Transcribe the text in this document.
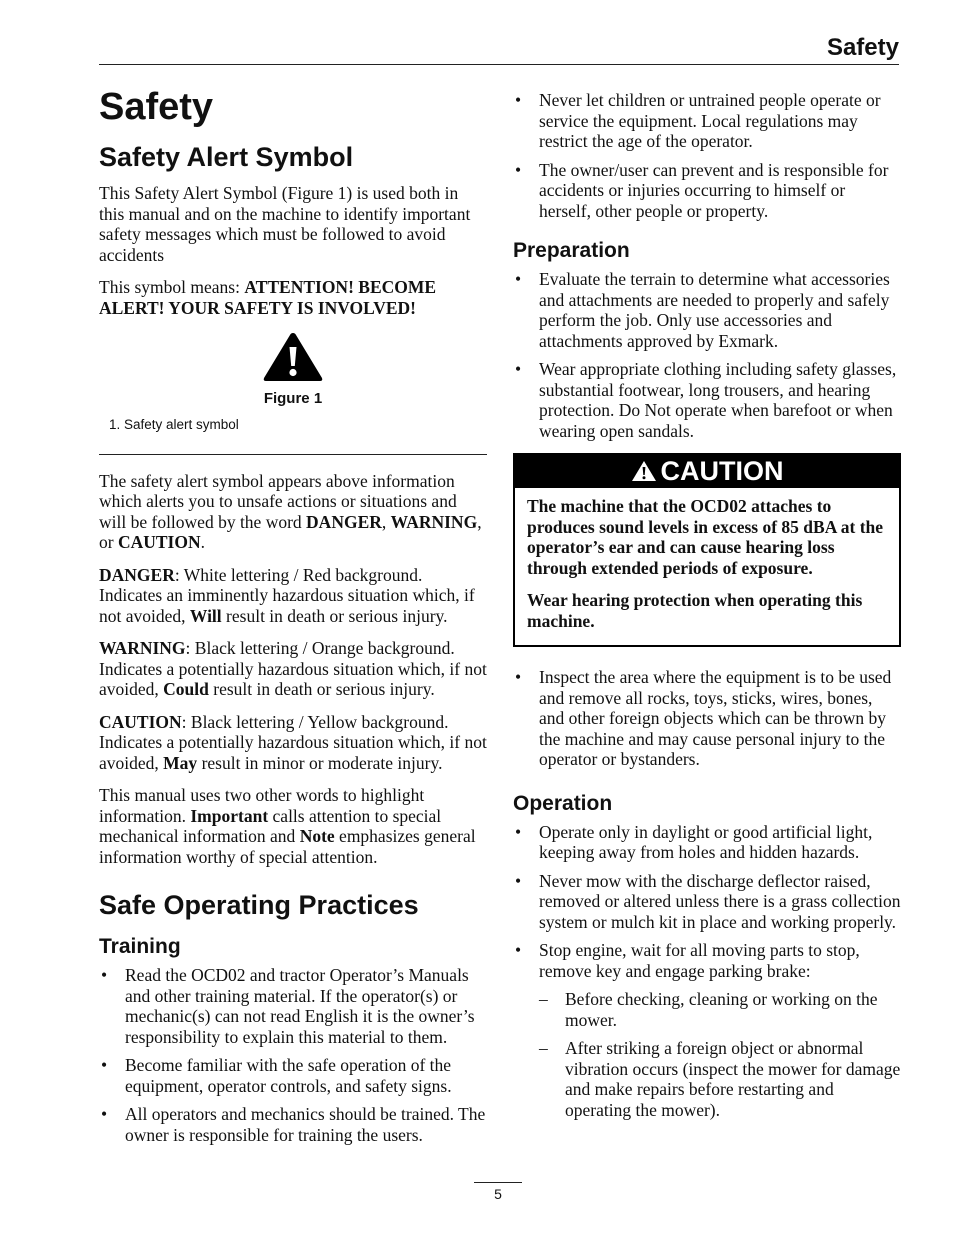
Safety
Safety
Safety Alert Symbol

This Safety Alert Symbol (Figure 1) is used both in this manual and on the machine to identify important safety messages which must be followed to avoid accidents

This symbol means: ATTENTION! BECOME ALERT! YOUR SAFETY IS INVOLVED!

Figure 1
1. Safety alert symbol

The safety alert symbol appears above information which alerts you to unsafe actions or situations and will be followed by the word DANGER, WARNING, or CAUTION.

DANGER: White lettering / Red background. Indicates an imminently hazardous situation which, if not avoided, Will result in death or serious injury.

WARNING: Black lettering / Orange background. Indicates a potentially hazardous situation which, if not avoided, Could result in death or serious injury.

CAUTION: Black lettering / Yellow background. Indicates a potentially hazardous situation which, if not avoided, May result in minor or moderate injury.

This manual uses two other words to highlight information. Important calls attention to special mechanical information and Note emphasizes general information worthy of special attention.

Safe Operating Practices
Training
• Read the OCD02 and tractor Operator’s Manuals and other training material. If the operator(s) or mechanic(s) can not read English it is the owner’s responsibility to explain this material to them.
• Become familiar with the safe operation of the equipment, operator controls, and safety signs.
• All operators and mechanics should be trained. The owner is responsible for training the users.
• Never let children or untrained people operate or service the equipment. Local regulations may restrict the age of the operator.
• The owner/user can prevent and is responsible for accidents or injuries occurring to himself or herself, other people or property.
Preparation
• Evaluate the terrain to determine what accessories and attachments are needed to properly and safely perform the job. Only use accessories and attachments approved by Exmark.
• Wear appropriate clothing including safety glasses, substantial footwear, long trousers, and hearing protection. Do Not operate when barefoot or when wearing open sandals.
CAUTION

The machine that the OCD02 attaches to produces sound levels in excess of 85 dBA at the operator’s ear and can cause hearing loss through extended periods of exposure.

Wear hearing protection when operating this machine.

• Inspect the area where the equipment is to be used and remove all rocks, toys, sticks, wires, bones, and other foreign objects which can be thrown by the machine and may cause personal injury to the operator or bystanders.
Operation
• Operate only in daylight or good artificial light, keeping away from holes and hidden hazards.
• Never mow with the discharge deflector raised, removed or altered unless there is a grass collection system or mulch kit in place and working properly.
• Stop engine, wait for all moving parts to stop, remove key and engage parking brake:
– Before checking, cleaning or working on the mower.
– After striking a foreign object or abnormal vibration occurs (inspect the mower for damage and make repairs before restarting and operating the mower).
5
